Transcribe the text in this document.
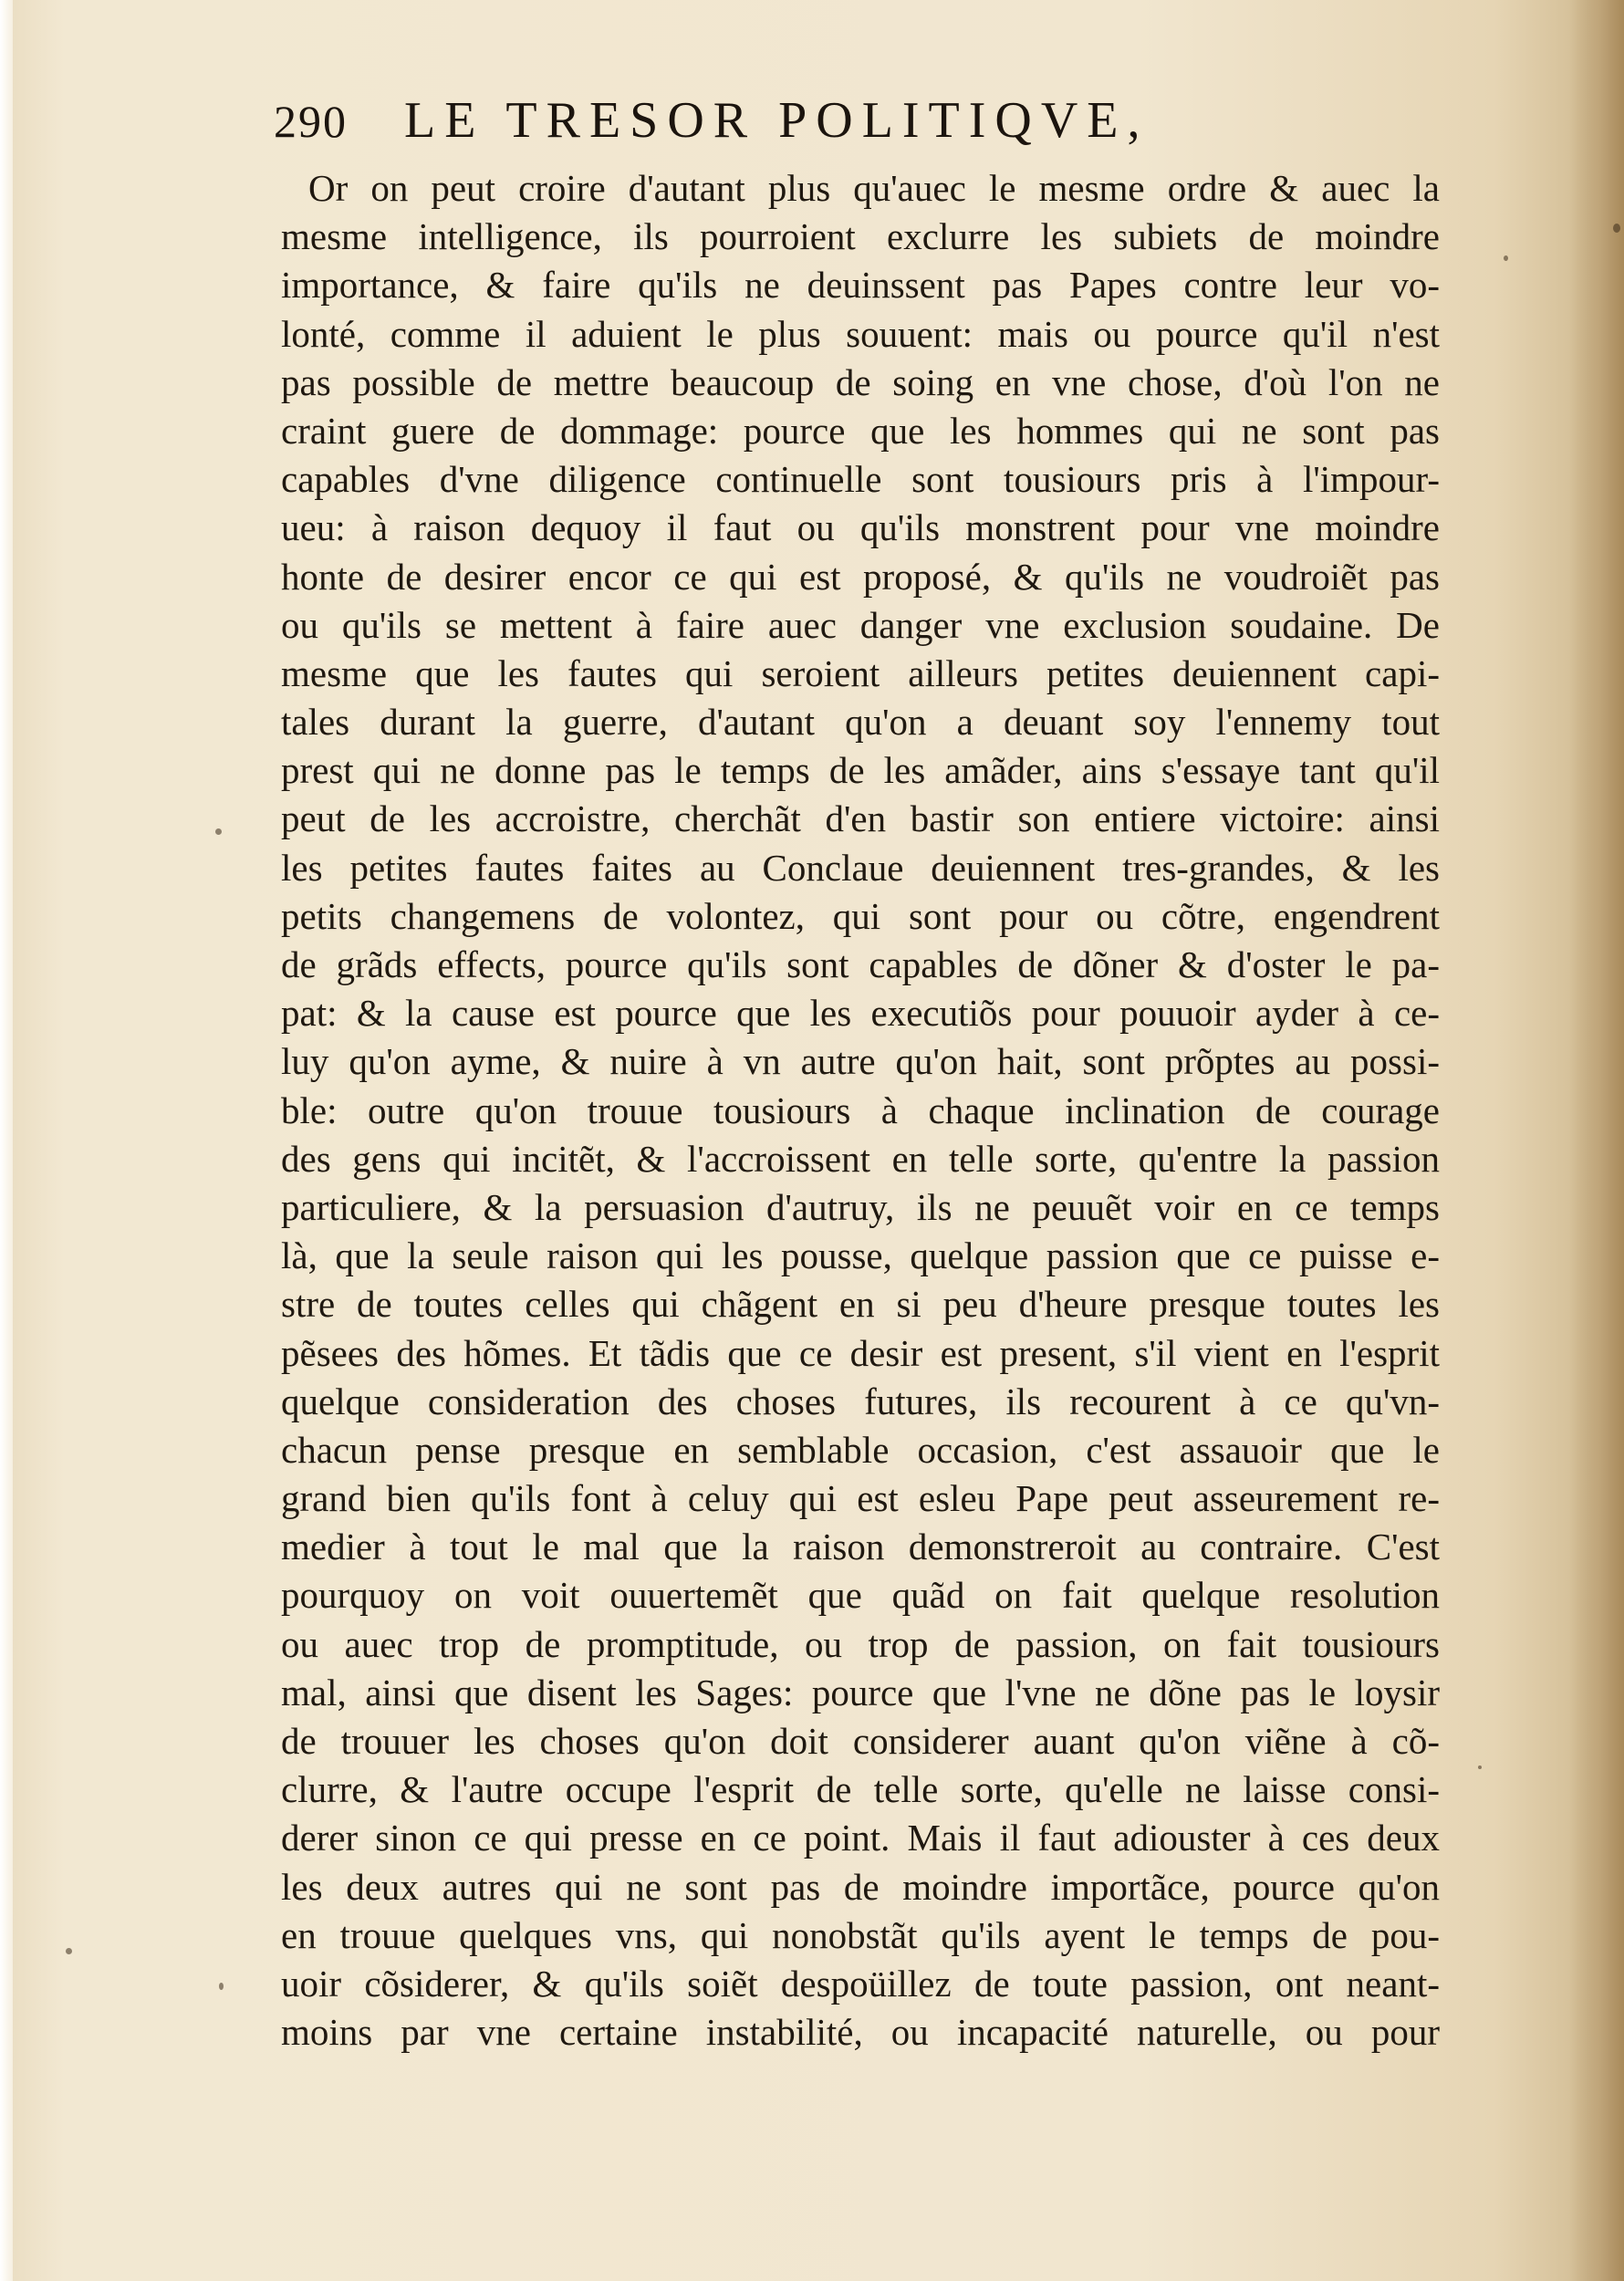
290 LE TRESOR POLITIQVE,
Or on peut croire d'autant plus qu'auec le mesme ordre & auec la
mesme intelligence, ils pourroient exclurre les subiets de moindre
importance, & faire qu'ils ne deuinssent pas Papes contre leur vo-
lonté, comme il aduient le plus souuent: mais ou pource qu'il n'est
pas possible de mettre beaucoup de soing en vne chose, d'où l'on ne
craint guere de dommage: pource que les hommes qui ne sont pas
capables d'vne diligence continuelle sont tousiours pris à l'impour-
ueu: à raison dequoy il faut ou qu'ils monstrent pour vne moindre
honte de desirer encor ce qui est proposé, & qu'ils ne voudroiẽt pas
ou qu'ils se mettent à faire auec danger vne exclusion soudaine. De
mesme que les fautes qui seroient ailleurs petites deuiennent capi-
tales durant la guerre, d'autant qu'on a deuant soy l'ennemy tout
prest qui ne donne pas le temps de les amãder, ains s'essaye tant qu'il
peut de les accroistre, cherchãt d'en bastir son entiere victoire: ainsi
les petites fautes faites au Conclaue deuiennent tres-grandes, & les
petits changemens de volontez, qui sont pour ou cõtre, engendrent
de grãds effects, pource qu'ils sont capables de dõner & d'oster le pa-
pat: & la cause est pource que les executiõs pour pouuoir ayder à ce-
luy qu'on ayme, & nuire à vn autre qu'on hait, sont prõptes au possi-
ble: outre qu'on trouue tousiours à chaque inclination de courage
des gens qui incitẽt, & l'accroissent en telle sorte, qu'entre la passion
particuliere, & la persuasion d'autruy, ils ne peuuẽt voir en ce temps
là, que la seule raison qui les pousse, quelque passion que ce puisse e-
stre de toutes celles qui chãgent en si peu d'heure presque toutes les
pẽsees des hõmes. Et tãdis que ce desir est present, s'il vient en l'esprit
quelque consideration des choses futures, ils recourent à ce qu'vn-
chacun pense presque en semblable occasion, c'est assauoir que le
grand bien qu'ils font à celuy qui est esleu Pape peut asseurement re-
medier à tout le mal que la raison demonstreroit au contraire. C'est
pourquoy on voit ouuertemẽt que quãd on fait quelque resolution
ou auec trop de promptitude, ou trop de passion, on fait tousiours
mal, ainsi que disent les Sages: pource que l'vne ne dõne pas le loysir
de trouuer les choses qu'on doit considerer auant qu'on viẽne à cõ-
clurre, & l'autre occupe l'esprit de telle sorte, qu'elle ne laisse consi-
derer sinon ce qui presse en ce point. Mais il faut adiouster à ces deux
les deux autres qui ne sont pas de moindre importãce, pource qu'on
en trouue quelques vns, qui nonobstãt qu'ils ayent le temps de pou-
uoir cõsiderer, & qu'ils soiẽt despoüillez de toute passion, ont neant-
moins par vne certaine instabilité, ou incapacité naturelle, ou pour
